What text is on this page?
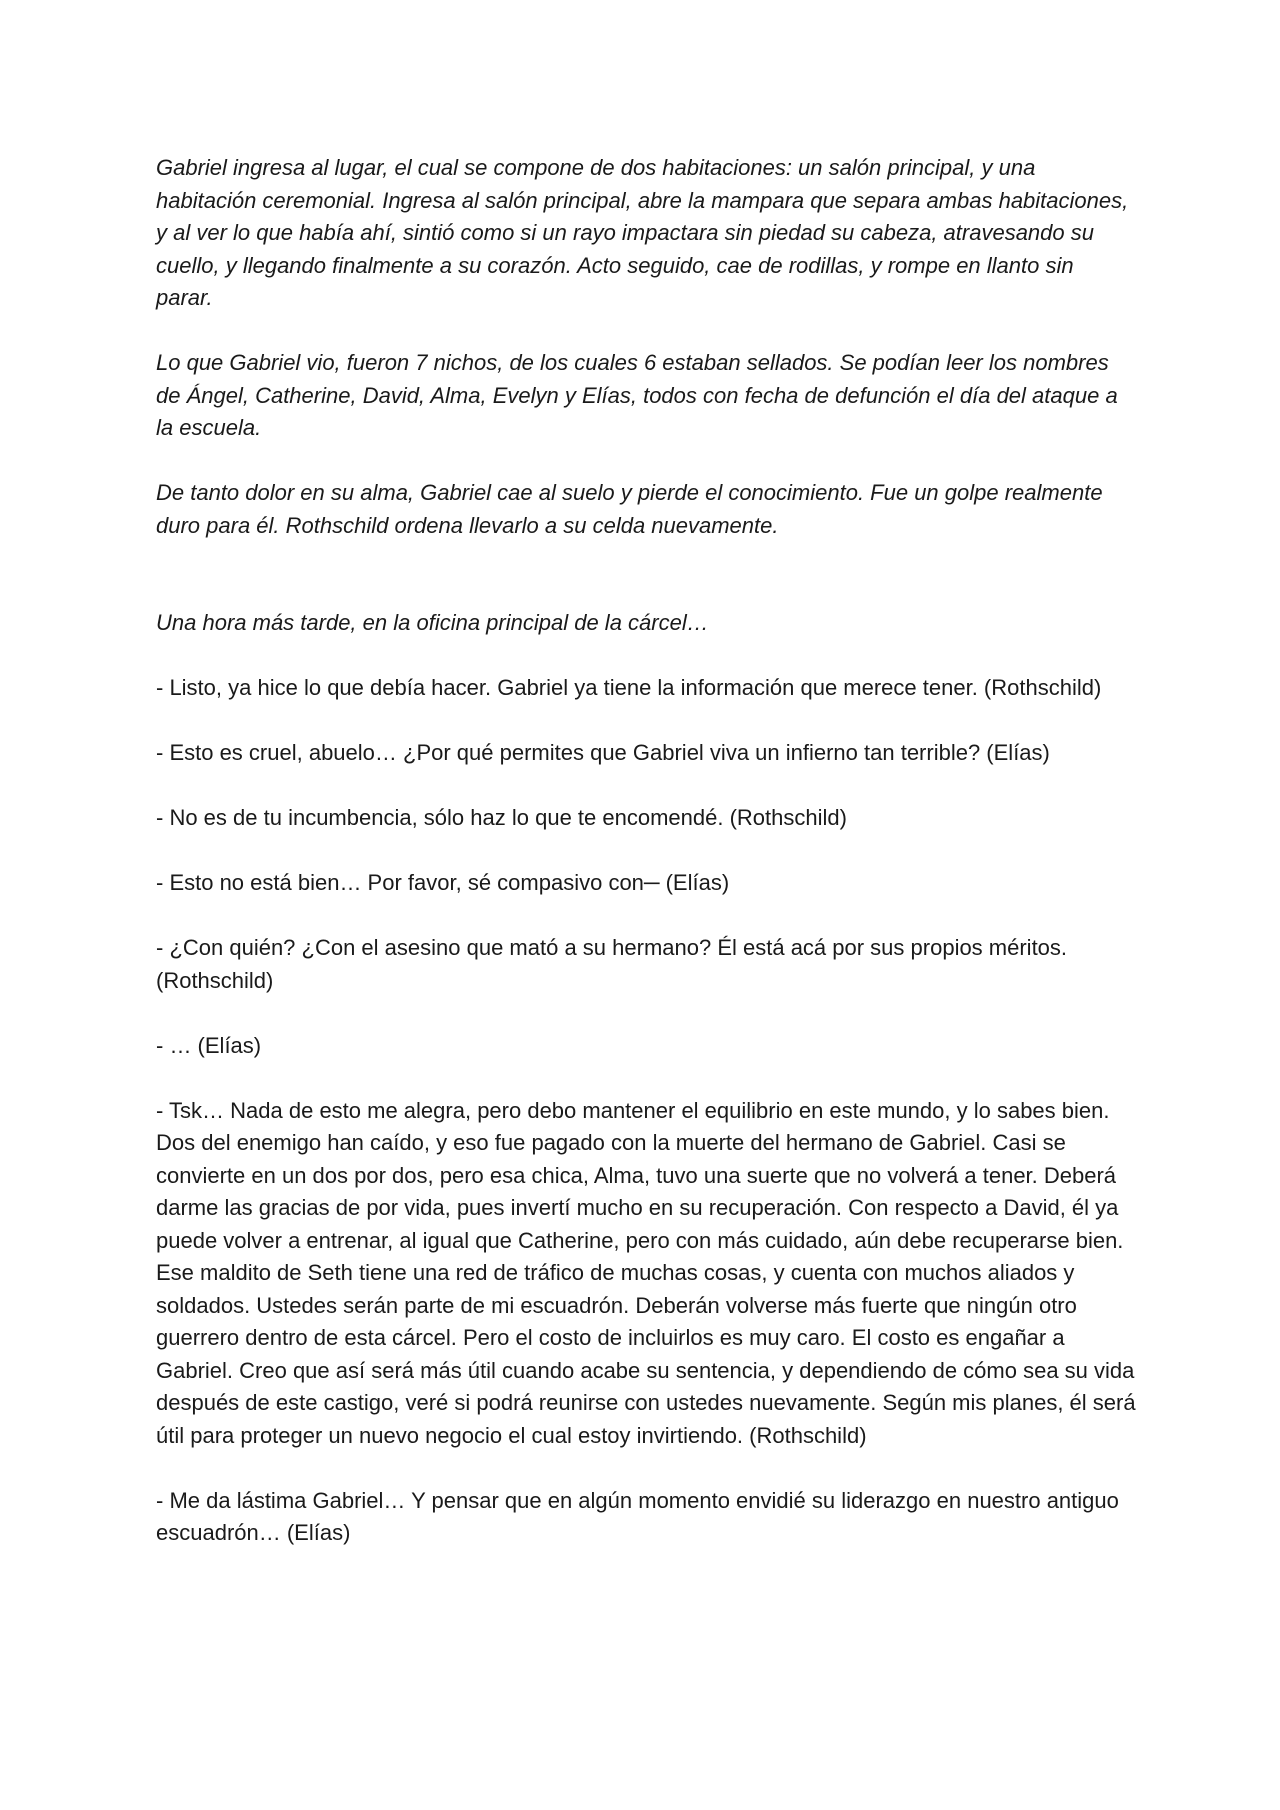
Gabriel ingresa al lugar, el cual se compone de dos habitaciones: un salón principal, y una habitación ceremonial. Ingresa al salón principal, abre la mampara que separa ambas habitaciones, y al ver lo que había ahí, sintió como si un rayo impactara sin piedad su cabeza, atravesando su cuello, y llegando finalmente a su corazón. Acto seguido, cae de rodillas, y rompe en llanto sin parar.

Lo que Gabriel vio, fueron 7 nichos, de los cuales 6 estaban sellados. Se podían leer los nombres de Ángel, Catherine, David, Alma, Evelyn y Elías, todos con fecha de defunción el día del ataque a la escuela.

De tanto dolor en su alma, Gabriel cae al suelo y pierde el conocimiento. Fue un golpe realmente duro para él. Rothschild ordena llevarlo a su celda nuevamente.

Una hora más tarde, en la oficina principal de la cárcel…

- Listo, ya hice lo que debía hacer. Gabriel ya tiene la información que merece tener. (Rothschild)

- Esto es cruel, abuelo… ¿Por qué permites que Gabriel viva un infierno tan terrible? (Elías)

- No es de tu incumbencia, sólo haz lo que te encomendé. (Rothschild)

- Esto no está bien… Por favor, sé compasivo con─ (Elías)

- ¿Con quién? ¿Con el asesino que mató a su hermano? Él está acá por sus propios méritos. (Rothschild)

- … (Elías)

- Tsk… Nada de esto me alegra, pero debo mantener el equilibrio en este mundo, y lo sabes bien. Dos del enemigo han caído, y eso fue pagado con la muerte del hermano de Gabriel. Casi se convierte en un dos por dos, pero esa chica, Alma, tuvo una suerte que no volverá a tener. Deberá darme las gracias de por vida, pues invertí mucho en su recuperación. Con respecto a David, él ya puede volver a entrenar, al igual que Catherine, pero con más cuidado, aún debe recuperarse bien. Ese maldito de Seth tiene una red de tráfico de muchas cosas, y cuenta con muchos aliados y soldados. Ustedes serán parte de mi escuadrón. Deberán volverse más fuerte que ningún otro guerrero dentro de esta cárcel. Pero el costo de incluirlos es muy caro. El costo es engañar a Gabriel. Creo que así será más útil cuando acabe su sentencia, y dependiendo de cómo sea su vida después de este castigo, veré si podrá reunirse con ustedes nuevamente. Según mis planes, él será útil para proteger un nuevo negocio el cual estoy invirtiendo. (Rothschild)

- Me da lástima Gabriel… Y pensar que en algún momento envidié su liderazgo en nuestro antiguo escuadrón… (Elías)
